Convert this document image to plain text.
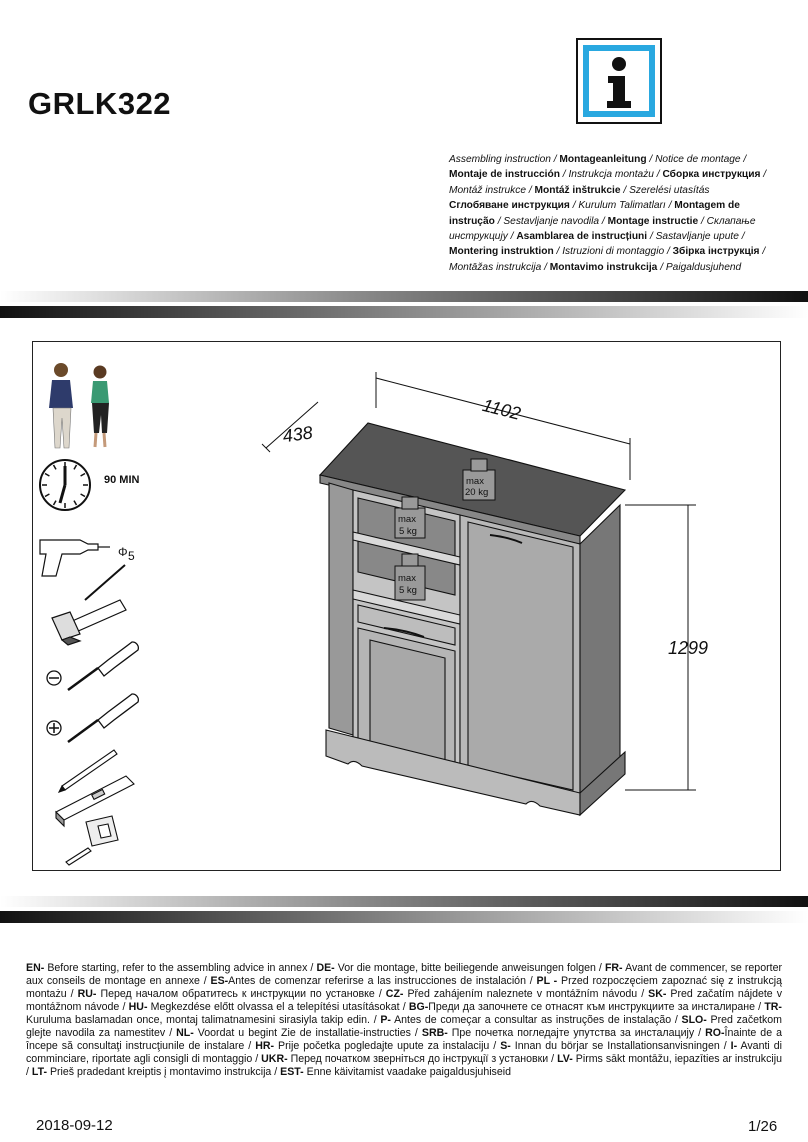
GRLK322
Assembling instruction / Montageanleitung / Notice de montage /
Montaje de instrucción / Instrukcja montażu / Сборка инструкция /
Montáž instrukce / Montáž inštrukcie / Szerelési utasítás
Сглобяване инструкция / Kurulum Talimatları / Montagem de
instrução / Sestavljanje navodila / Montage instructie / Склапање
инструкцију / Asamblarea de instrucțiuni / Sastavljanje upute /
Montering instruktion / Istruzioni di montaggio / Збірка інструкція /
Montāžas instrukcija / Montavimo instrukcija / Paigaldusjuhend
Φ 5
1102
438
1299
max
20 kg
max
5 kg
max
5 kg
90 MIN
EN- Before starting, refer to the assembling advice in annex / DE- Vor die montage, bitte beiliegende anweisungen folgen / FR- Avant de commencer, se reporter aux conseils de montage en annexe / ES-Antes de comenzar referirse a las instrucciones de instalación / PL - Przed rozpoczęciem zapoznać się z instrukcją montażu / RU- Перед началом обратитесь к инструкции по установке / CZ- Před zahájením naleznete v montážním návodu / SK- Pred začatím nájdete v montážnom návode / HU- Megkezdése előtt olvassa el a telepítési utasításokat / BG-Преди да започнете се отнасят към инструкциите за инсталиране / TR- Kuruluma baslamadan once, montaj talimatnamesini sirasiyla takip edin. / P- Antes de começar a consultar as instruções de instalação / SLO- Pred začetkom glejte navodila za namestitev / NL- Voordat u begint Zie de installatie-instructies / SRB- Пре почетка погледајте упутства за инсталацију / RO-Înainte de a începe să consultaţi instrucţiunile de instalare / HR- Prije početka pogledajte upute za instalaciju / S- Innan du börjar se Installationsanvisningen / I- Avanti di comminciare, riportate agli consigli di montaggio / UKR- Перед початком зверніться до інструкції з установки / LV- Pirms sākt montāžu, iepazīties ar instrukciju / LT- Prieš pradedant kreiptis į montavimo instrukcija / EST- Enne käivitamist vaadake paigaldusjuhiseid
2018-09-12	1/26
